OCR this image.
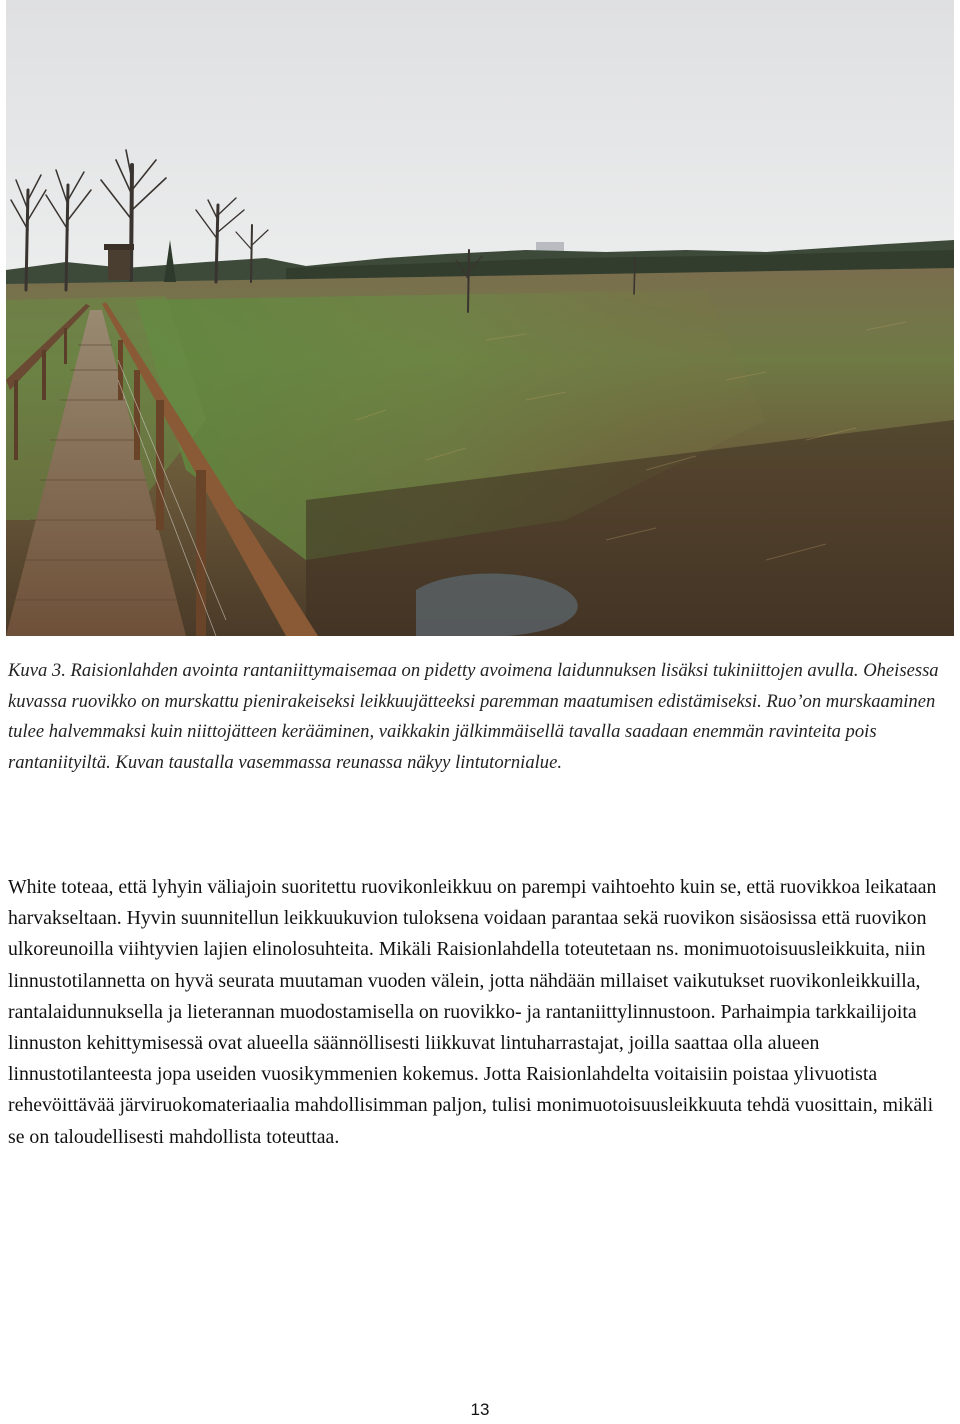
Kuva 3. Raisionlahden avointa rantaniittymaisemaa on pidetty avoimena laidunnuksen lisäksi tukiniittojen avulla. Oheisessa kuvassa ruovikko on murskattu pienirakeiseksi leikkuujätteeksi paremman maatumisen edistämiseksi. Ruo’on murskaaminen tulee halvemmaksi kuin niittojätteen kerääminen, vaikkakin jälkimmäisellä tavalla saadaan enemmän ravinteita pois rantaniityiltä. Kuvan taustalla vasemmassa reunassa näkyy lintutornialue.

White toteaa, että lyhyin väliajoin suoritettu ruovikonleikkuu on parempi vaihtoehto kuin se, että ruovikkoa leikataan harvakseltaan. Hyvin suunnitellun leikkuukuvion tuloksena voidaan parantaa sekä ruovikon sisäosissa että ruovikon ulkoreunoilla viihtyvien lajien elinolosuhteita. Mikäli Raisionlahdella toteutetaan ns. monimuotoisuusleikkuita, niin linnustotilannetta on hyvä seurata muutaman vuoden välein, jotta nähdään millaiset vaikutukset ruovikonleikkuilla, rantalaidunnuksella ja lieterannan muodostamisella on ruovikko- ja rantaniittylinnustoon. Parhaimpia tarkkailijoita linnuston kehittymisessä ovat alueella säännöllisesti liikkuvat lintuharrastajat, joilla saattaa olla alueen linnustotilanteesta jopa useiden vuosikymmenien kokemus. Jotta Raisionlahdelta voitaisiin poistaa ylivuotista rehevöittävää järviruokomateriaalia mahdollisimman paljon, tulisi monimuotoisuusleikkuuta tehdä vuosittain, mikäli se on taloudellisesti mahdollista toteuttaa.

13
